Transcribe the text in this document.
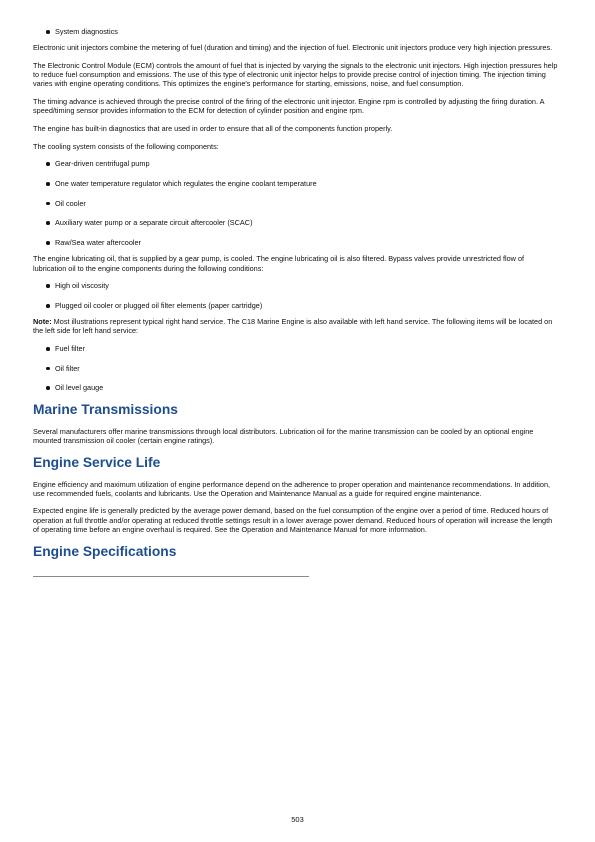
System diagnostics

Electronic unit injectors combine the metering of fuel (duration and timing) and the injection of fuel. Electronic unit injectors produce very high injection pressures.

The Electronic Control Module (ECM) controls the amount of fuel that is injected by varying the signals to the electronic unit injectors. High injection pressures help to reduce fuel consumption and emissions. The use of this type of electronic unit injector helps to provide precise control of injection timing. The injection timing varies with engine operating conditions. This optimizes the engine's performance for starting, emissions, noise, and fuel consumption.

The timing advance is achieved through the precise control of the firing of the electronic unit injector. Engine rpm is controlled by adjusting the firing duration. A speed/timing sensor provides information to the ECM for detection of cylinder position and engine rpm.

The engine has built-in diagnostics that are used in order to ensure that all of the components function properly.

The cooling system consists of the following components:

Gear-driven centrifugal pump
One water temperature regulator which regulates the engine coolant temperature
Oil cooler
Auxiliary water pump or a separate circuit aftercooler (SCAC)
Raw/Sea water aftercooler

The engine lubricating oil, that is supplied by a gear pump, is cooled. The engine lubricating oil is also filtered. Bypass valves provide unrestricted flow of lubrication oil to the engine components during the following conditions:

High oil viscosity
Plugged oil cooler or plugged oil filter elements (paper cartridge)

Note: Most illustrations represent typical right hand service. The C18 Marine Engine is also available with left hand service. The following items will be located on the left side for left hand service:

Fuel filter
Oil filter
Oil level gauge
Marine Transmissions

Several manufacturers offer marine transmissions through local distributors. Lubrication oil for the marine transmission can be cooled by an optional engine mounted transmission oil cooler (certain engine ratings).

Engine Service Life

Engine efficiency and maximum utilization of engine performance depend on the adherence to proper operation and maintenance recommendations. In addition, use recommended fuels, coolants and lubricants. Use the Operation and Maintenance Manual as a guide for required engine maintenance.

Expected engine life is generally predicted by the average power demand, based on the fuel consumption of the engine over a period of time. Reduced hours of operation at full throttle and/or operating at reduced throttle settings result in a lower average power demand. Reduced hours of operation will increase the length of operating time before an engine overhaul is required. See the Operation and Maintenance Manual for more information.

Engine Specifications
503
